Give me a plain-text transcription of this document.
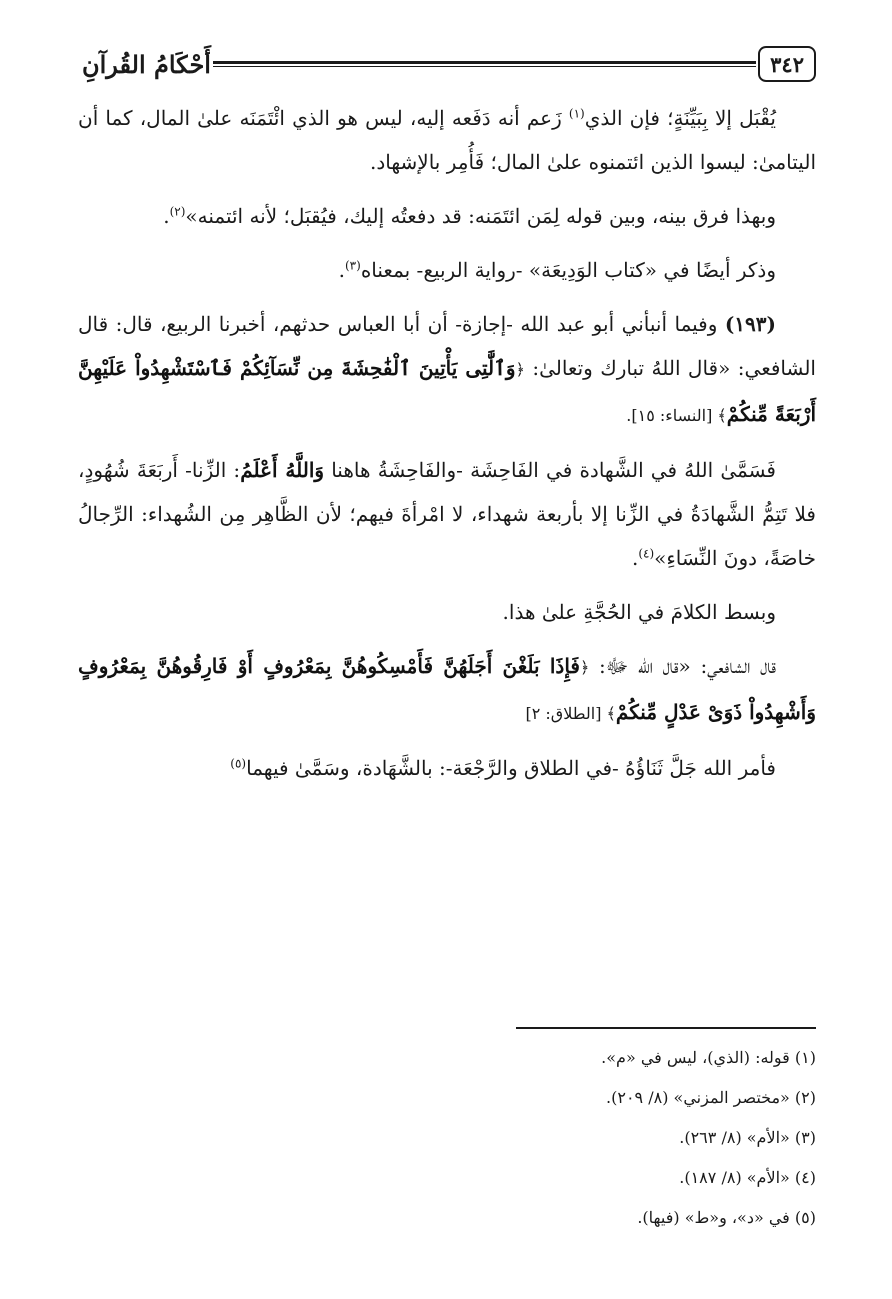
٣٤٢
أَحْكَامُ القُرآنِ

يُقْبَل إلا بِبَيِّنَةٍ؛ فإن الذي$^{(١)}$ زَعم أنه دَفَعه إليه، ليس هو الذي ائْتَمَنَه علىٰ المال، كما أن اليتامىٰ: ليسوا الذين ائتمنوه علىٰ المال؛ فَأُمِر بالإشهاد.

وبهذا فرق بينه، وبين قوله لِمَن ائتَمَنه: قد دفعتُه إليك، فيُقبَل؛ لأنه ائتمنه»$^{(٢)}$.

وذكر أيضًا في «كتاب الوَدِيعَة» -رواية الربيع- بمعناه$^{(٣)}$.

(١٩٣) وفيما أنبأني أبو عبد الله -إجازة- أن أبا العباس حدثهم، أخبرنا الربيع، قال: قال الشافعي: «قال اللهُ تبارك وتعالىٰ: ﴿وَٱلَّٰتِى يَأْتِينَ ٱلْفَٰحِشَةَ مِن نِّسَآئِكُمْ فَٱسْتَشْهِدُواْ عَلَيْهِنَّ أَرْبَعَةً مِّنكُمْ﴾ [النساء: ١٥].

فَسَمَّىٰ اللهُ في الشَّهادة في الفَاحِشَة -والفَاحِشَةُ هاهنا وَاللَّهُ أَعْلَمُ: الزِّنا- أَربَعَةَ شُهُودٍ، فلا تَتِمُّ الشَّهادَةُ في الزِّنا إلا بأربعة شهداء، لا امْرأةَ فيهم؛ لأن الظَّاهِر مِن الشُهداء: الرِّجالُ خاصَةً، دونَ النِّسَاءِ»$^{(٤)}$.

وبسط الكلامَ في الحُجَّةِ علىٰ هذا.

قال الشافعي: «قال الله ﷻ: ﴿فَإِذَا بَلَغْنَ أَجَلَهُنَّ فَأَمْسِكُوهُنَّ بِمَعْرُوفٍ أَوْ فَارِقُوهُنَّ بِمَعْرُوفٍ وَأَشْهِدُواْ ذَوَىْ عَدْلٍ مِّنكُمْ﴾ [الطلاق: ٢]

فأمر الله جَلَّ ثَنَاؤُهُ -في الطلاق والرَّجْعَة-: بالشَّهَادة، وسَمَّىٰ فيهما$^{(٥)}$

(١) قوله: (الذي)، ليس في «م».
(٢) «مختصر المزني» (٨/ ٢٠٩).
(٣) «الأم» (٨/ ٢٦٣).
(٤) «الأم» (٨/ ١٨٧).
(٥) في «د»، و«ط» (فيها).
